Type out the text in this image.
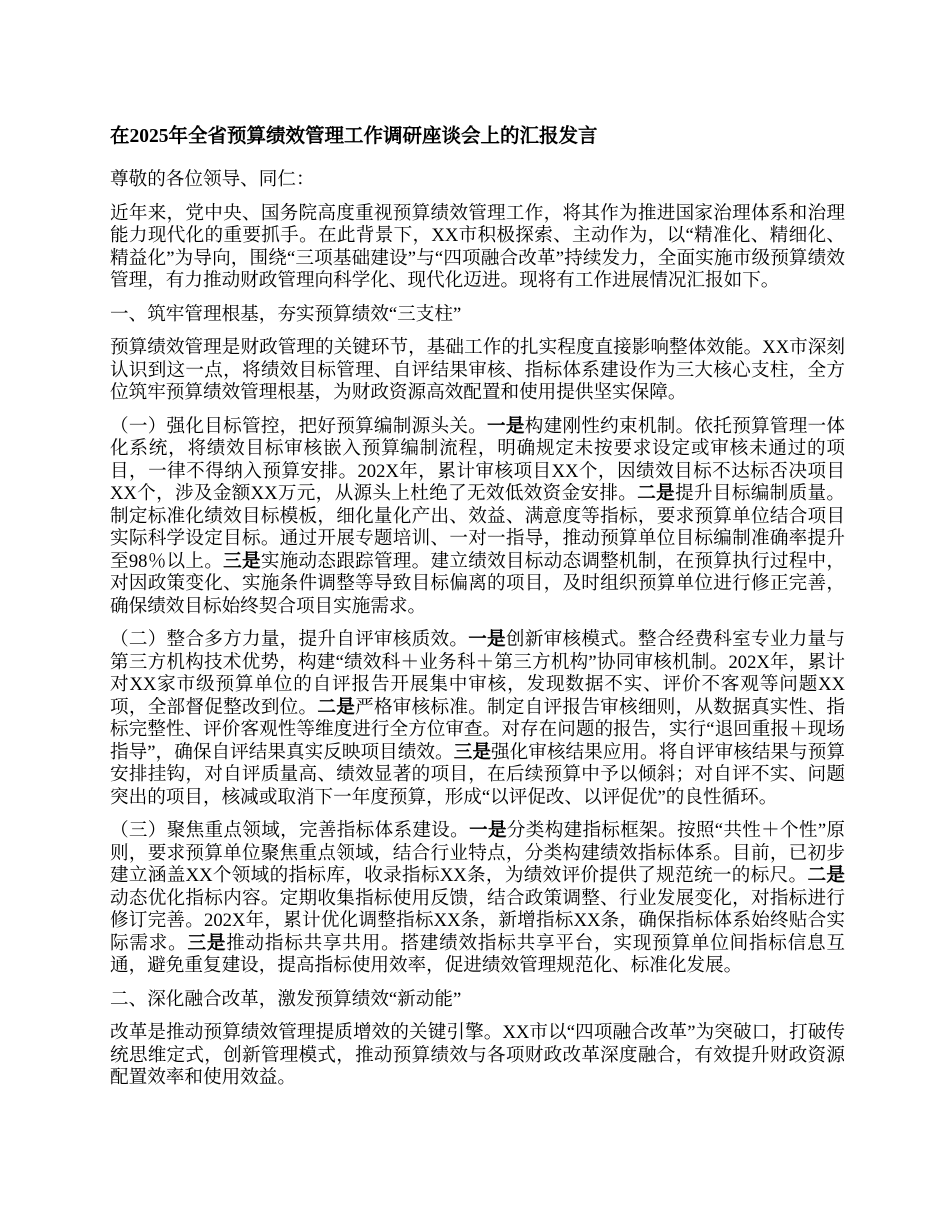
在2025年全省预算绩效管理工作调研座谈会上的汇报发言

尊敬的各位领导、同仁：

近年来，党中央、国务院高度重视预算绩效管理工作，将其作为推进国家治理体系和治理能力现代化的重要抓手。在此背景下，XX市积极探索、主动作为，以“精准化、精细化、精益化”为导向，围绕“三项基础建设”与“四项融合改革”持续发力，全面实施市级预算绩效管理，有力推动财政管理向科学化、现代化迈进。现将有工作进展情况汇报如下。

一、筑牢管理根基，夯实预算绩效“三支柱”

预算绩效管理是财政管理的关键环节，基础工作的扎实程度直接影响整体效能。XX市深刻认识到这一点，将绩效目标管理、自评结果审核、指标体系建设作为三大核心支柱，全方位筑牢预算绩效管理根基，为财政资源高效配置和使用提供坚实保障。

（一）强化目标管控，把好预算编制源头关。一是构建刚性约束机制。依托预算管理一体化系统，将绩效目标审核嵌入预算编制流程，明确规定未按要求设定或审核未通过的项目，一律不得纳入预算安排。202X年，累计审核项目XX个，因绩效目标不达标否决项目XX个，涉及金额XX万元，从源头上杜绝了无效低效资金安排。二是提升目标编制质量。制定标准化绩效目标模板，细化量化产出、效益、满意度等指标，要求预算单位结合项目实际科学设定目标。通过开展专题培训、一对一指导，推动预算单位目标编制准确率提升至98％以上。三是实施动态跟踪管理。建立绩效目标动态调整机制，在预算执行过程中，对因政策变化、实施条件调整等导致目标偏离的项目，及时组织预算单位进行修正完善，确保绩效目标始终契合项目实施需求。

（二）整合多方力量，提升自评审核质效。一是创新审核模式。整合经费科室专业力量与第三方机构技术优势，构建“绩效科＋业务科＋第三方机构”协同审核机制。202X年，累计对XX家市级预算单位的自评报告开展集中审核，发现数据不实、评价不客观等问题XX项，全部督促整改到位。二是严格审核标准。制定自评报告审核细则，从数据真实性、指标完整性、评价客观性等维度进行全方位审查。对存在问题的报告，实行“退回重报＋现场指导”，确保自评结果真实反映项目绩效。三是强化审核结果应用。将自评审核结果与预算安排挂钩，对自评质量高、绩效显著的项目，在后续预算中予以倾斜；对自评不实、问题突出的项目，核减或取消下一年度预算，形成“以评促改、以评促优”的良性循环。

（三）聚焦重点领域，完善指标体系建设。一是分类构建指标框架。按照“共性＋个性”原则，要求预算单位聚焦重点领域，结合行业特点，分类构建绩效指标体系。目前，已初步建立涵盖XX个领域的指标库，收录指标XX条，为绩效评价提供了规范统一的标尺。二是动态优化指标内容。定期收集指标使用反馈，结合政策调整、行业发展变化，对指标进行修订完善。202X年，累计优化调整指标XX条，新增指标XX条，确保指标体系始终贴合实际需求。三是推动指标共享共用。搭建绩效指标共享平台，实现预算单位间指标信息互通，避免重复建设，提高指标使用效率，促进绩效管理规范化、标准化发展。

二、深化融合改革，激发预算绩效“新动能”

改革是推动预算绩效管理提质增效的关键引擎。XX市以“四项融合改革”为突破口，打破传统思维定式，创新管理模式，推动预算绩效与各项财政改革深度融合，有效提升财政资源配置效率和使用效益。
